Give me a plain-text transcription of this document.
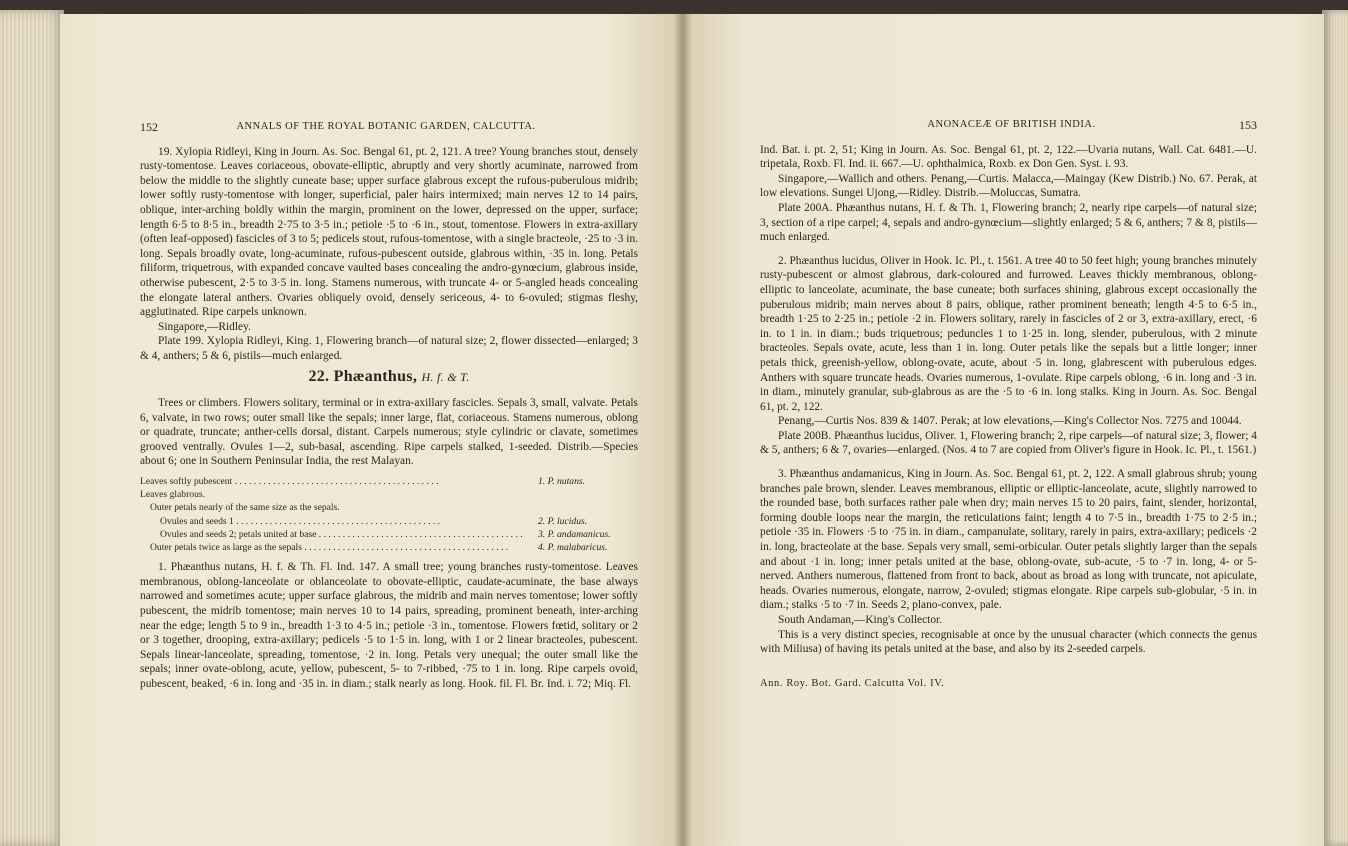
152	ANNALS OF THE ROYAL BOTANIC GARDEN, CALCUTTA.

19. Xylopia Ridleyi, King in Journ. As. Soc. Bengal 61, pt. 2, 121. A tree? Young branches stout, densely rusty-tomentose. Leaves coriaceous, obovate-elliptic, abruptly and very shortly acuminate, narrowed from below the middle to the slightly cuneate base; upper surface glabrous except the rufous-puberulous midrib; lower softly rusty-tomentose with longer, superficial, paler hairs intermixed; main nerves 12 to 14 pairs, oblique, inter-arching boldly within the margin, prominent on the lower, depressed on the upper, surface; length 6·5 to 8·5 in., breadth 2·75 to 3·5 in.; petiole ·5 to ·6 in., stout, tomentose. Flowers in extra-axillary (often leaf-opposed) fascicles of 3 to 5; pedicels stout, rufous-tomentose, with a single bracteole, ·25 to ·3 in. long. Sepals broadly ovate, long-acuminate, rufous-pubescent outside, glabrous within, ·35 in. long. Petals filiform, triquetrous, with expanded concave vaulted bases concealing the andro-gynœcium, glabrous inside, otherwise pubescent, 2·5 to 3·5 in. long. Stamens numerous, with truncate 4- or 5-angled heads concealing the elongate lateral anthers. Ovaries obliquely ovoid, densely sericeous, 4- to 6-ovuled; stigmas fleshy, agglutinated. Ripe carpels unknown.

Singapore,—Ridley.

Plate 199. Xylopia Ridleyi, King. 1, Flowering branch—of natural size; 2, flower dissected—enlarged; 3 & 4, anthers; 5 & 6, pistils—much enlarged.

22. Phæanthus, H. f. & T.

Trees or climbers. Flowers solitary, terminal or in extra-axillary fascicles. Sepals 3, small, valvate. Petals 6, valvate, in two rows; outer small like the sepals; inner large, flat, coriaceous. Stamens numerous, oblong or quadrate, truncate; anther-cells dorsal, distant. Carpels numerous; style cylindric or clavate, sometimes grooved ventrally. Ovules 1—2, sub-basal, ascending. Ripe carpels stalked, 1-seeded. Distrib.—Species about 6; one in Southern Peninsular India, the rest Malayan.

Leaves softly pubescent . . .	1. P. nutans.
Leaves glabrous.
Outer petals nearly of the same size as the sepals.
Ovules and seeds 1 . . .	2. P. lucidus.
Ovules and seeds 2; petals united at base . . .	3. P. andamanicus.
Outer petals twice as large as the sepals . . .	4. P. malabaricus.

1. Phæanthus nutans, H. f. & Th. Fl. Ind. 147. A small tree; young branches rusty-tomentose. Leaves membranous, oblong-lanceolate or oblanceolate to obovate-elliptic, caudate-acuminate, the base always narrowed and sometimes acute; upper surface glabrous, the midrib and main nerves tomentose; lower softly pubescent, the midrib tomentose; main nerves 10 to 14 pairs, spreading, prominent beneath, inter-arching near the edge; length 5 to 9 in., breadth 1·3 to 4·5 in.; petiole ·3 in., tomentose. Flowers fœtid, solitary or 2 or 3 together, drooping, extra-axillary; pedicels ·5 to 1·5 in. long, with 1 or 2 linear bracteoles, pubescent. Sepals linear-lanceolate, spreading, tomentose, ·2 in. long. Petals very unequal; the outer small like the sepals; inner ovate-oblong, acute, yellow, pubescent, 5- to 7-ribbed, ·75 to 1 in. long. Ripe carpels ovoid, pubescent, beaked, ·6 in. long and ·35 in. in diam.; stalk nearly as long. Hook. fil. Fl. Br. Ind. i. 72; Miq. Fl.

ANONACEÆ OF BRITISH INDIA.	153

Ind. Bat. i. pt. 2, 51; King in Journ. As. Soc. Bengal 61, pt. 2, 122.—Uvaria nutans, Wall. Cat. 6481.—U. tripetala, Roxb. Fl. Ind. ii. 667.—U. ophthalmica, Roxb. ex Don Gen. Syst. i. 93.

Singapore,—Wallich and others. Penang,—Curtis. Malacca,—Maingay (Kew Distrib.) No. 67. Perak, at low elevations. Sungei Ujong,—Ridley. Distrib.—Moluccas, Sumatra.

Plate 200A. Phæanthus nutans, H. f. & Th. 1, Flowering branch; 2, nearly ripe carpels—of natural size; 3, section of a ripe carpel; 4, sepals and andro-gynœcium—slightly enlarged; 5 & 6, anthers; 7 & 8, pistils—much enlarged.

2. Phæanthus lucidus, Oliver in Hook. Ic. Pl., t. 1561. A tree 40 to 50 feet high; young branches minutely rusty-pubescent or almost glabrous, dark-coloured and furrowed. Leaves thickly membranous, oblong-elliptic to lanceolate, acuminate, the base cuneate; both surfaces shining, glabrous except occasionally the puberulous midrib; main nerves about 8 pairs, oblique, rather prominent beneath; length 4·5 to 6·5 in., breadth 1·25 to 2·25 in.; petiole ·2 in. Flowers solitary, rarely in fascicles of 2 or 3, extra-axillary, erect, ·6 in. to 1 in. in diam.; buds triquetrous; peduncles 1 to 1·25 in. long, slender, puberulous, with 2 minute bracteoles. Sepals ovate, acute, less than 1 in. long. Outer petals like the sepals but a little longer; inner petals thick, greenish-yellow, oblong-ovate, acute, about ·5 in. long, glabrescent with puberulous edges. Anthers with square truncate heads. Ovaries numerous, 1-ovulate. Ripe carpels oblong, ·6 in. long and ·3 in. in diam., minutely granular, sub-glabrous as are the ·5 to ·6 in. long stalks. King in Journ. As. Soc. Bengal 61, pt. 2, 122.

Penang,—Curtis Nos. 839 & 1407. Perak; at low elevations,—King's Collector Nos. 7275 and 10044.

Plate 200B. Phæanthus lucidus, Oliver. 1, Flowering branch; 2, ripe carpels—of natural size; 3, flower; 4 & 5, anthers; 6 & 7, ovaries—enlarged. (Nos. 4 to 7 are copied from Oliver's figure in Hook. Ic. Pl., t. 1561.)

3. Phæanthus andamanicus, King in Journ. As. Soc. Bengal 61, pt. 2, 122. A small glabrous shrub; young branches pale brown, slender. Leaves membranous, elliptic or elliptic-lanceolate, acute, slightly narrowed to the rounded base, both surfaces rather pale when dry; main nerves 15 to 20 pairs, faint, slender, horizontal, forming double loops near the margin, the reticulations faint; length 4 to 7·5 in., breadth 1·75 to 2·5 in.; petiole ·35 in. Flowers ·5 to ·75 in. in diam., campanulate, solitary, rarely in pairs, extra-axillary; pedicels ·2 in. long, bracteolate at the base. Sepals very small, semi-orbicular. Outer petals slightly larger than the sepals and about ·1 in. long; inner petals united at the base, oblong-ovate, sub-acute, ·5 to ·7 in. long, 4- or 5-nerved. Anthers numerous, flattened from front to back, about as broad as long with truncate, not apiculate, heads. Ovaries numerous, elongate, narrow, 2-ovuled; stigmas elongate. Ripe carpels sub-globular, ·5 in. in diam.; stalks ·5 to ·7 in. Seeds 2, plano-convex, pale.

South Andaman,—King's Collector.

This is a very distinct species, recognisable at once by the unusual character (which connects the genus with Miliusa) of having its petals united at the base, and also by its 2-seeded carpels.

Ann. Roy. Bot. Gard. Calcutta Vol. IV.
